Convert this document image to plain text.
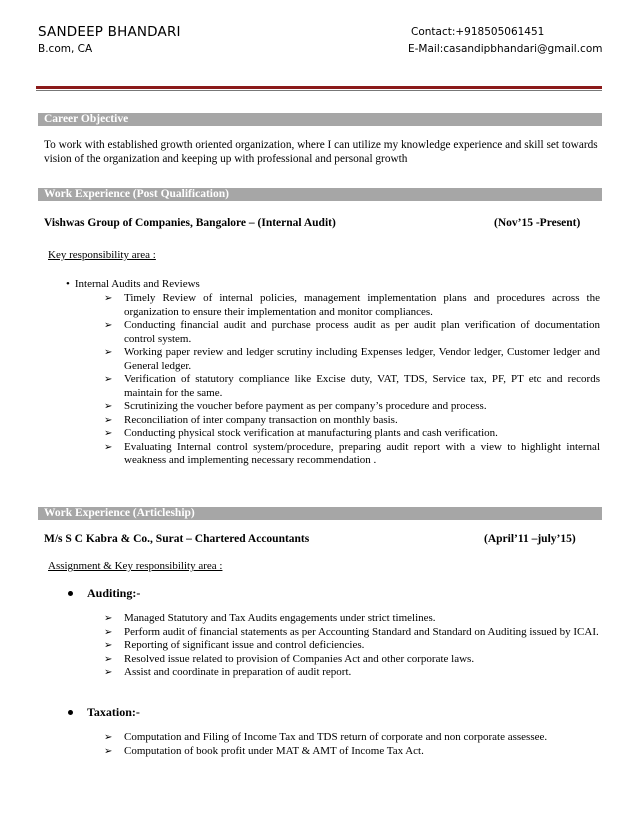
SANDEEP BHANDARI
B.com, CA
Contact:+918505061451
E-Mail:casandipbhandari@gmail.com
Career Objective
To work with established growth oriented organization, where I can utilize my knowledge experience and skill set towards vision of the organization and keeping up with professional and personal growth
Work Experience (Post Qualification)
Vishwas Group of Companies, Bangalore – (Internal Audit)	(Nov’15 -Present)
Key responsibility area :
• Internal Audits and Reviews
➢ Timely Review of internal policies, management implementation plans and procedures across the organization to ensure their implementation and monitor compliances.
➢ Conducting financial audit and purchase process audit as per audit plan verification of documentation control system.
➢ Working paper review and ledger scrutiny including Expenses ledger, Vendor ledger, Customer ledger and General ledger.
➢ Verification of statutory compliance like Excise duty, VAT, TDS, Service tax, PF, PT etc and records maintain for the same.
➢ Scrutinizing the voucher before payment as per company’s procedure and process.
➢ Reconciliation of inter company transaction on monthly basis.
➢ Conducting physical stock verification at manufacturing plants and cash verification.
➢ Evaluating Internal control system/procedure, preparing audit report with a view to highlight internal weakness and implementing necessary recommendation .
Work Experience (Articleship)
M/s S C Kabra & Co., Surat – Chartered Accountants	(April’11 –july’15)
Assignment & Key responsibility area :
Auditing:-
➢ Managed Statutory and Tax Audits engagements under strict timelines.
➢ Perform audit of financial statements as per Accounting Standard and Standard on Auditing issued by ICAI.
➢ Reporting of significant issue and control deficiencies.
➢ Resolved issue related to provision of Companies Act and other corporate laws.
➢ Assist and coordinate in preparation of audit report.
Taxation:-
➢ Computation and Filing of Income Tax and TDS return of corporate and non corporate assessee.
➢ Computation of book profit under MAT & AMT of Income Tax Act.
